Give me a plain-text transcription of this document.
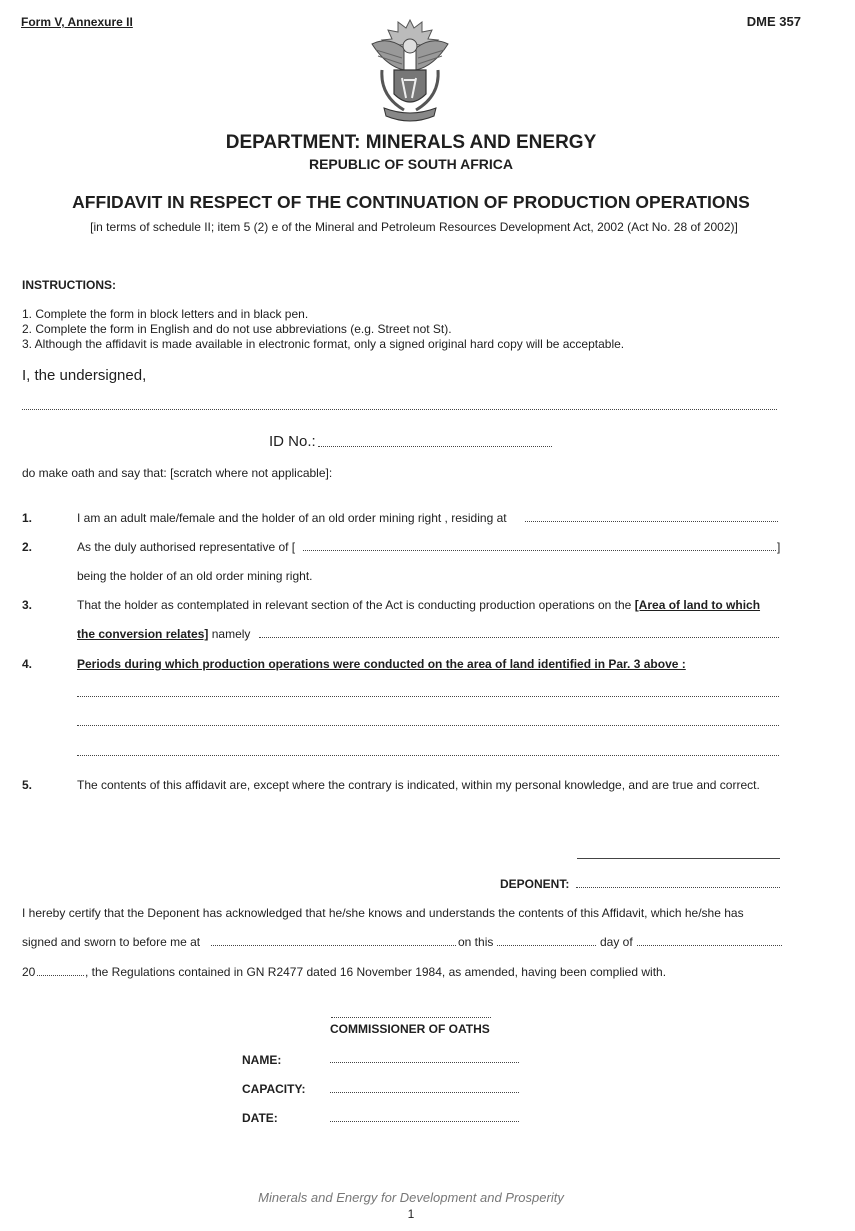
Form V, Annexure II	DME 357
DEPARTMENT: MINERALS AND ENERGY
REPUBLIC OF SOUTH AFRICA
AFFIDAVIT IN RESPECT OF THE CONTINUATION OF PRODUCTION OPERATIONS
[in terms of schedule II; item 5 (2) e of the Mineral and Petroleum Resources Development Act, 2002 (Act No. 28 of 2002)]
INSTRUCTIONS:
1. Complete the form in block letters and in black pen.
2. Complete the form in English and do not use abbreviations (e.g. Street not St).
3. Although the affidavit is made available in electronic format, only a signed original hard copy will be acceptable.
I, the undersigned,
ID No.:
do make oath and say that: [scratch where not applicable]:
1.	I am an adult male/female and the holder of an old order mining right , residing at
2.	As the duly authorised representative of [	]
being the holder of an old order mining right.
3.	That the holder as contemplated in relevant section of the Act is conducting production operations on the [Area of land to which
the conversion relates] namely
4.	Periods during which production operations were conducted on the area of land identified in Par. 3 above :
5.	The contents of this affidavit are, except where the contrary is indicated, within my personal knowledge, and are true and correct.
DEPONENT:
I hereby certify that the Deponent has acknowledged that he/she knows and understands the contents of this Affidavit, which he/she has
signed and sworn to before me at	on this	day of
20	, the Regulations contained in GN R2477 dated 16 November 1984, as amended, having been complied with.
COMMISSIONER OF OATHS
NAME:
CAPACITY:
DATE:
Minerals and Energy for Development and Prosperity
1
